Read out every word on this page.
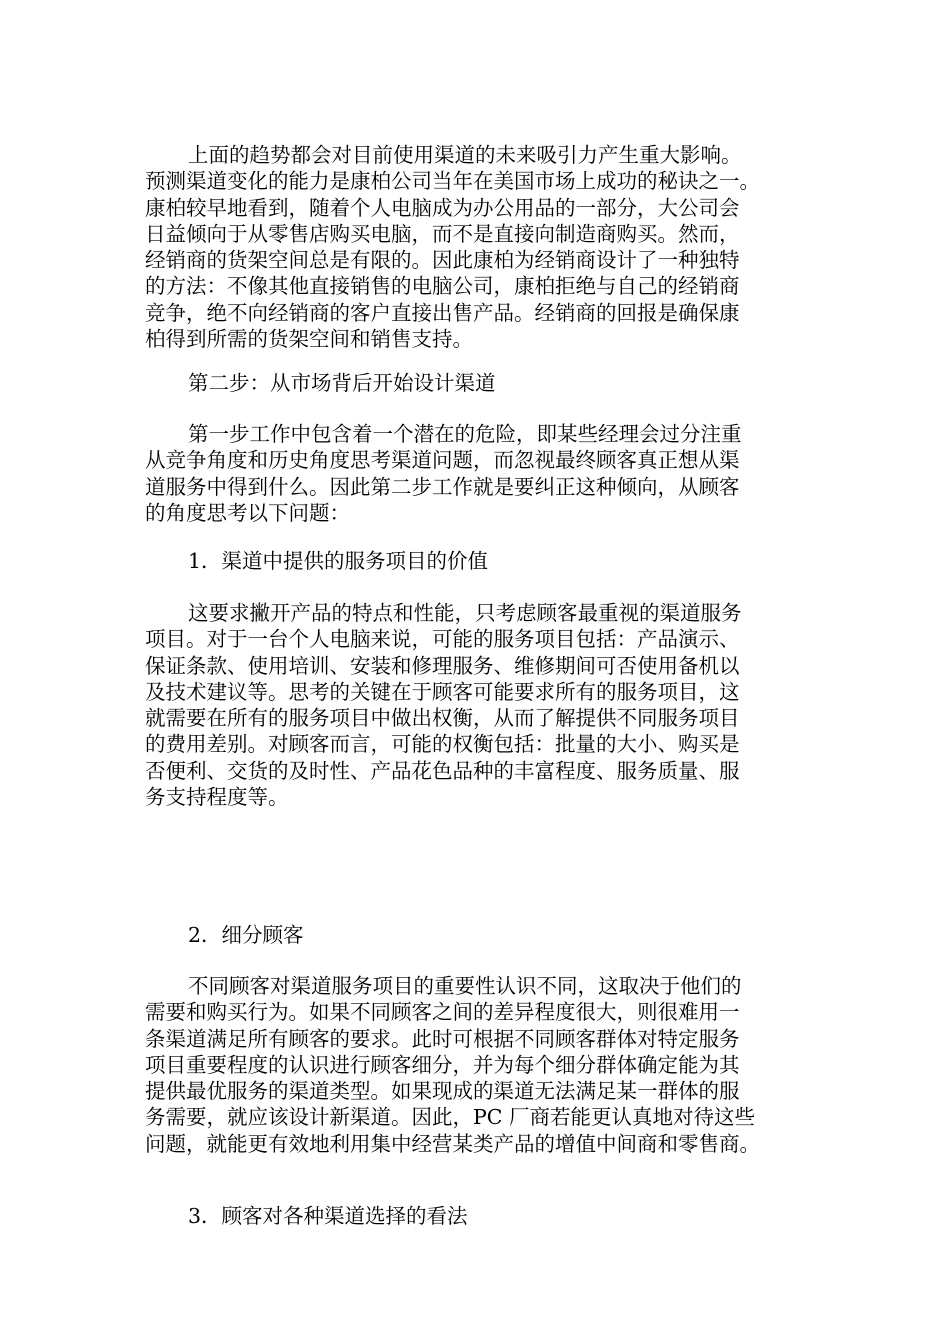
上面的趋势都会对目前使用渠道的未来吸引力产生重大影响。
预测渠道变化的能力是康柏公司当年在美国市场上成功的秘诀之一。
康柏较早地看到，随着个人电脑成为办公用品的一部分，大公司会
日益倾向于从零售店购买电脑，而不是直接向制造商购买。然而，
经销商的货架空间总是有限的。因此康柏为经销商设计了一种独特
的方法：不像其他直接销售的电脑公司，康柏拒绝与自己的经销商
竞争，绝不向经销商的客户直接出售产品。经销商的回报是确保康
柏得到所需的货架空间和销售支持。
第二步：从市场背后开始设计渠道
第一步工作中包含着一个潜在的危险，即某些经理会过分注重
从竞争角度和历史角度思考渠道问题，而忽视最终顾客真正想从渠
道服务中得到什么。因此第二步工作就是要纠正这种倾向，从顾客
的角度思考以下问题：
1．渠道中提供的服务项目的价值
这要求撇开产品的特点和性能，只考虑顾客最重视的渠道服务
项目。对于一台个人电脑来说，可能的服务项目包括：产品演示、
保证条款、使用培训、安装和修理服务、维修期间可否使用备机以
及技术建议等。思考的关键在于顾客可能要求所有的服务项目，这
就需要在所有的服务项目中做出权衡，从而了解提供不同服务项目
的费用差别。对顾客而言，可能的权衡包括：批量的大小、购买是
否便利、交货的及时性、产品花色品种的丰富程度、服务质量、服
务支持程度等。
2．细分顾客
不同顾客对渠道服务项目的重要性认识不同，这取决于他们的
需要和购买行为。如果不同顾客之间的差异程度很大，则很难用一
条渠道满足所有顾客的要求。此时可根据不同顾客群体对特定服务
项目重要程度的认识进行顾客细分，并为每个细分群体确定能为其
提供最优服务的渠道类型。如果现成的渠道无法满足某一群体的服
务需要，就应该设计新渠道。因此，PC 厂商若能更认真地对待这些
问题，就能更有效地利用集中经营某类产品的增值中间商和零售商。
3．顾客对各种渠道选择的看法
